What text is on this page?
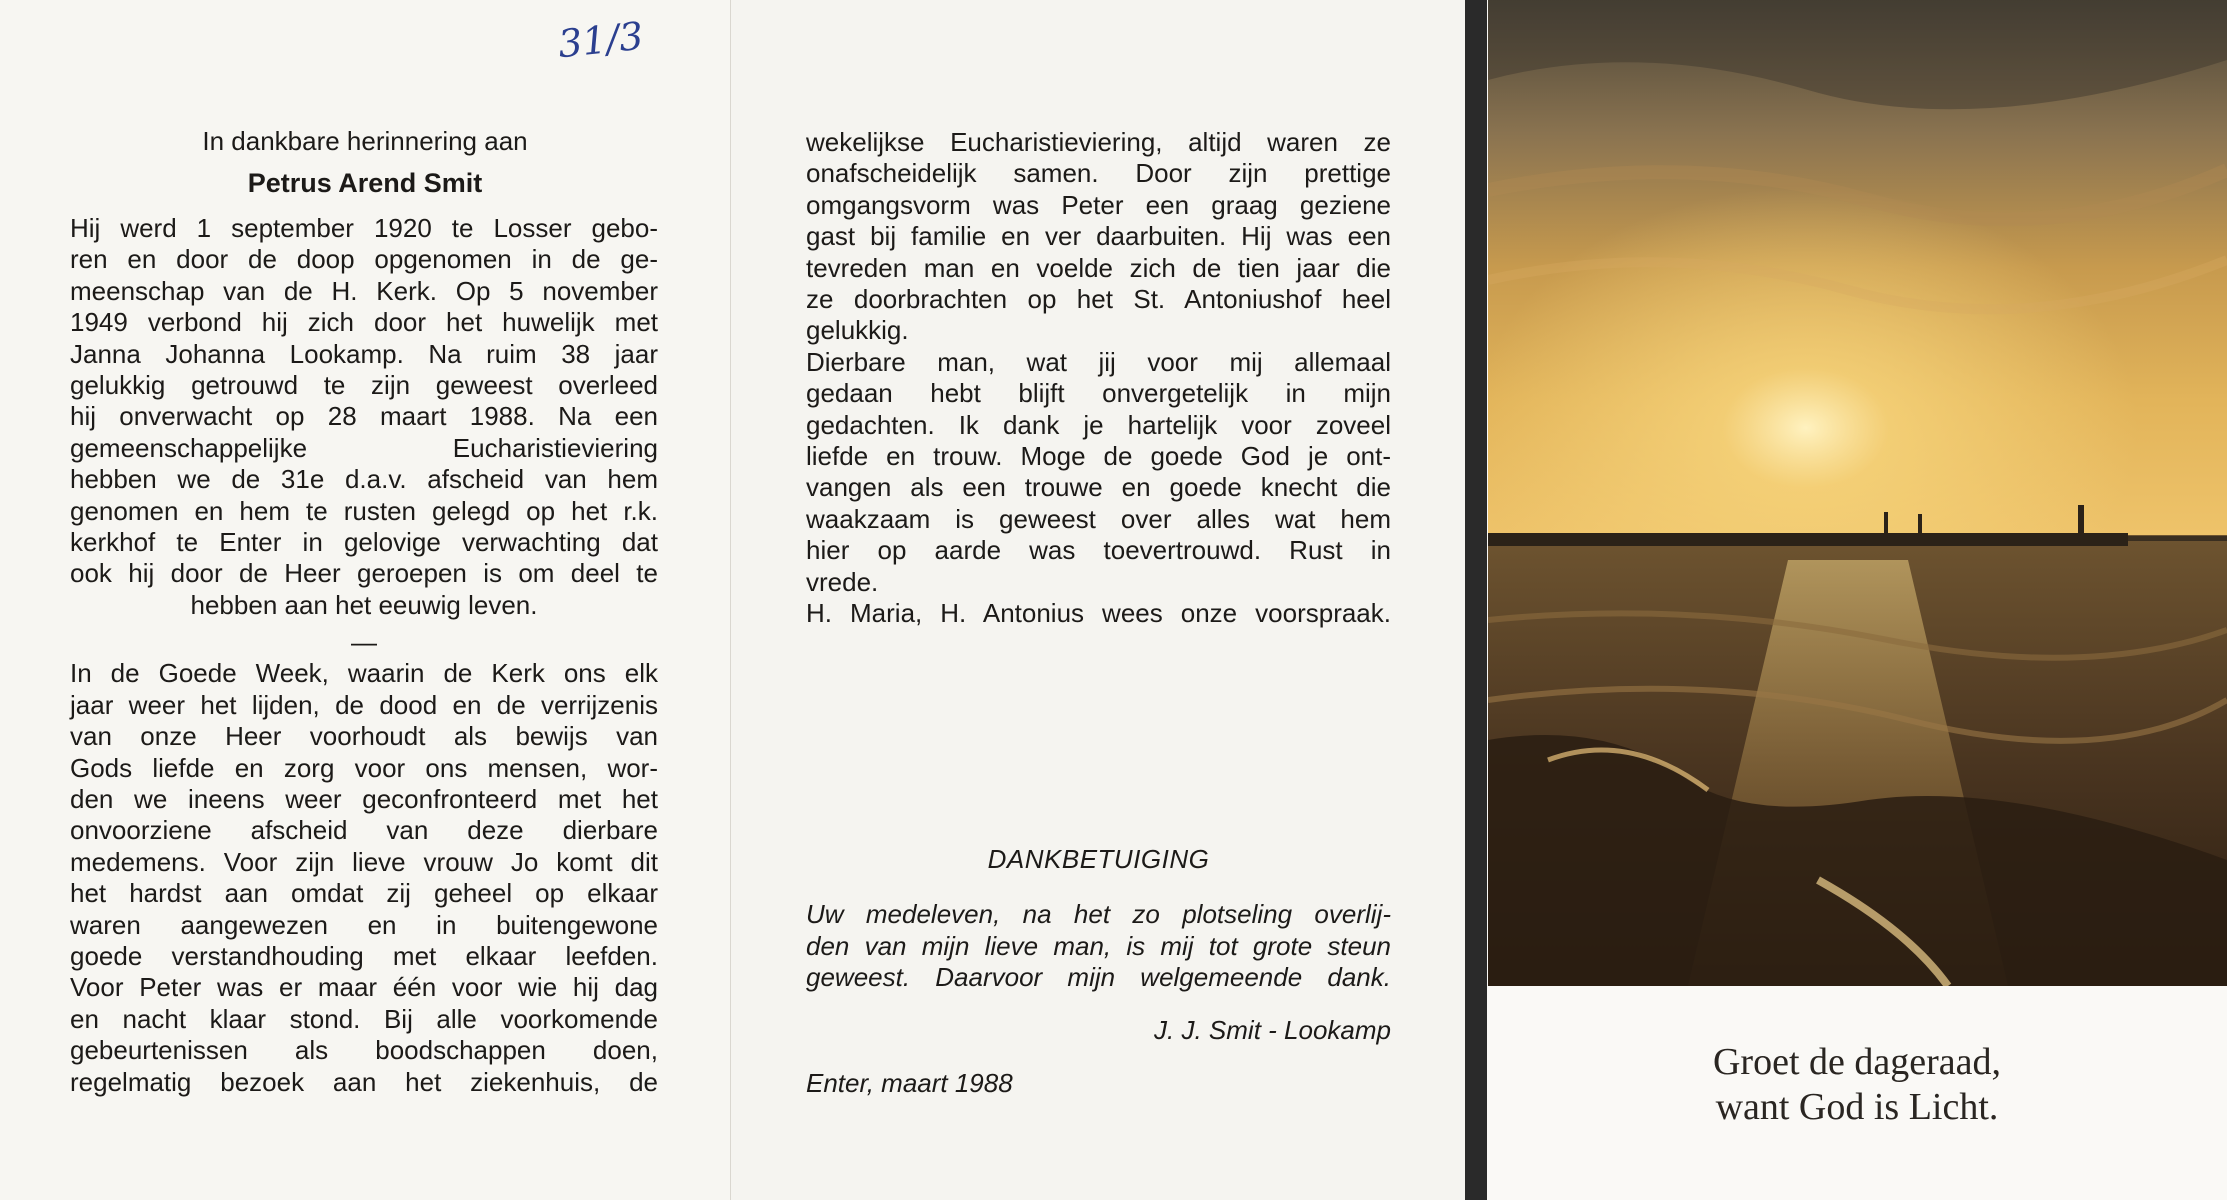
31/3
In dankbare herinnering aan
Petrus Arend Smit

Hij werd 1 september 1920 te Losser gebo-

ren en door de doop opgenomen in de ge-

meenschap van de H. Kerk. Op 5 november

1949 verbond hij zich door het huwelijk met

Janna Johanna Lookamp. Na ruim 38 jaar

gelukkig getrouwd te zijn geweest overleed

hij onverwacht op 28 maart 1988. Na een

gemeenschappelijke Eucharistieviering

hebben we de 31e d.a.v. afscheid van hem

genomen en hem te rusten gelegd op het r.k.

kerkhof te Enter in gelovige verwachting dat

ook hij door de Heer geroepen is om deel te

hebben aan het eeuwig leven.

—

In de Goede Week, waarin de Kerk ons elk

jaar weer het lijden, de dood en de verrijzenis

van onze Heer voorhoudt als bewijs van

Gods liefde en zorg voor ons mensen, wor-

den we ineens weer geconfronteerd met het

onvoorziene afscheid van deze dierbare

medemens. Voor zijn lieve vrouw Jo komt dit

het hardst aan omdat zij geheel op elkaar

waren aangewezen en in buitengewone

goede verstandhouding met elkaar leefden.

Voor Peter was er maar één voor wie hij dag

en nacht klaar stond. Bij alle voorkomende

gebeurtenissen als boodschappen doen,

regelmatig bezoek aan het ziekenhuis, de

wekelijkse Eucharistieviering, altijd waren ze

onafscheidelijk samen. Door zijn prettige

omgangsvorm was Peter een graag geziene

gast bij familie en ver daarbuiten. Hij was een

tevreden man en voelde zich de tien jaar die

ze doorbrachten op het St. Antoniushof heel

gelukkig.

Dierbare man, wat jij voor mij allemaal

gedaan hebt blijft onvergetelijk in mijn

gedachten. Ik dank je hartelijk voor zoveel

liefde en trouw. Moge de goede God je ont-

vangen als een trouwe en goede knecht die

waakzaam is geweest over alles wat hem

hier op aarde was toevertrouwd. Rust in

vrede.

H. Maria, H. Antonius wees onze voorspraak.

DANKBETUIGING

Uw medeleven, na het zo plotseling overlij-

den van mijn lieve man, is mij tot grote steun

geweest. Daarvoor mijn welgemeende dank.

J. J. Smit - Lookamp
Enter, maart 1988	Groet de dageraad,
want God is Licht.
